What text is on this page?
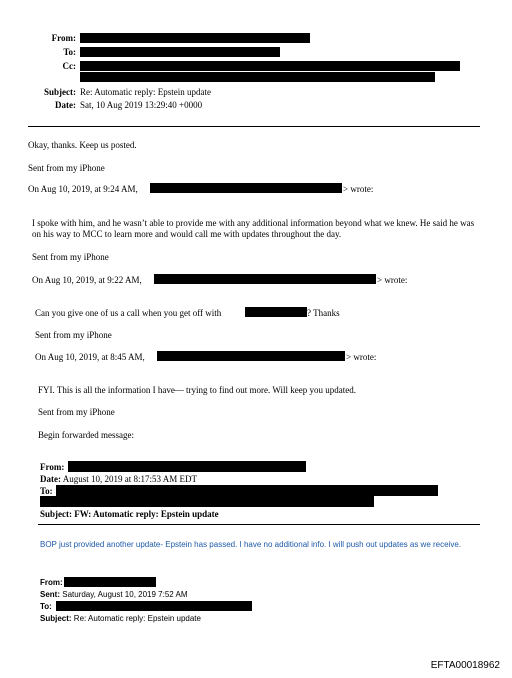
From:
To:
Cc:
Subject: Re: Automatic reply: Epstein update
Date: Sat, 10 Aug 2019 13:29:40 +0000
Okay, thanks. Keep us posted.
Sent from my iPhone
On Aug 10, 2019, at 9:24 AM,	> wrote:
I spoke with him, and he wasn’t able to provide me with any additional information beyond what we knew. He said he was on his way to MCC to learn more and would call me with updates throughout the day.
Sent from my iPhone
On Aug 10, 2019, at 9:22 AM,	> wrote:
Can you give one of us a call when you get off with	? Thanks
Sent from my iPhone
On Aug 10, 2019, at 8:45 AM,	> wrote:
FYI. This is all the information I have— trying to find out more. Will keep you updated.
Sent from my iPhone
Begin forwarded message:
From:
Date: August 10, 2019 at 8:17:53 AM EDT
To:
Subject: FW: Automatic reply: Epstein update
BOP just provided another update- Epstein has passed. I have no additional info. I will push out updates as we receive.
From:
Sent: Saturday, August 10, 2019 7:52 AM
To:
Subject: Re: Automatic reply: Epstein update
EFTA00018962
